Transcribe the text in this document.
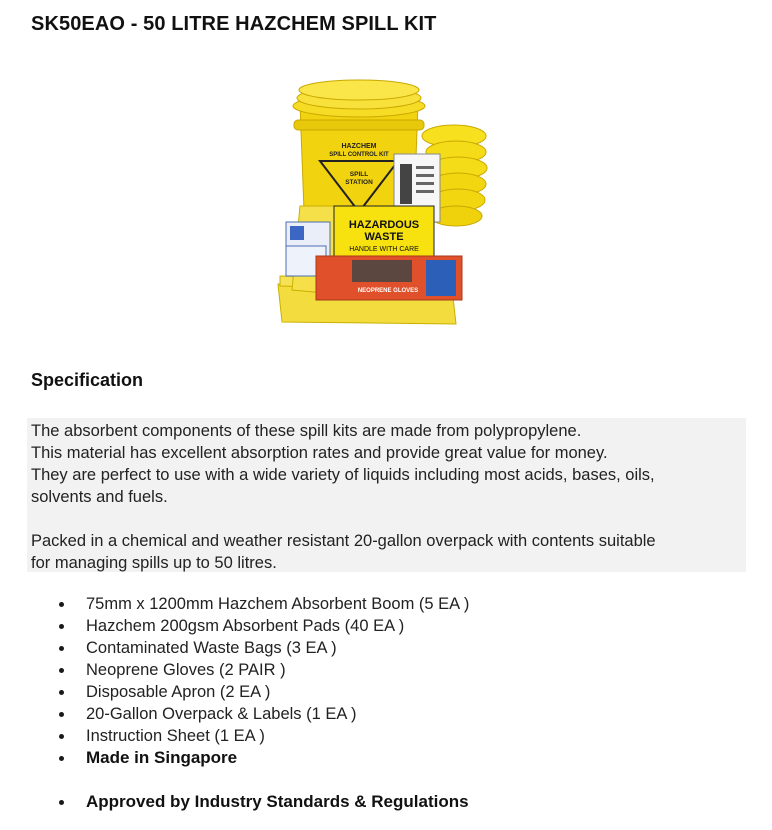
SK50EAO - 50 LITRE HAZCHEM SPILL KIT
HAZCHEM
SPILL CONTROL KIT
SPILL
STATION
HAZARDOUS
WASTE
HANDLE WITH CARE
NEOPRENE GLOVES
Specification

The absorbent components of these spill kits are made from polypropylene.
This material has excellent absorption rates and provide great value for money.
They are perfect to use with a wide variety of liquids including most acids, bases, oils,
solvents and fuels.

Packed in a chemical and weather resistant 20-gallon overpack with contents suitable
for managing spills up to 50 litres.

75mm x 1200mm Hazchem Absorbent Boom (5 EA )
Hazchem 200gsm Absorbent Pads (40 EA )
Contaminated Waste Bags (3 EA )
Neoprene Gloves (2 PAIR )
Disposable Apron (2 EA )
20-Gallon Overpack & Labels (1 EA )
Instruction Sheet (1 EA )
Made in Singapore
Approved by Industry Standards & Regulations
